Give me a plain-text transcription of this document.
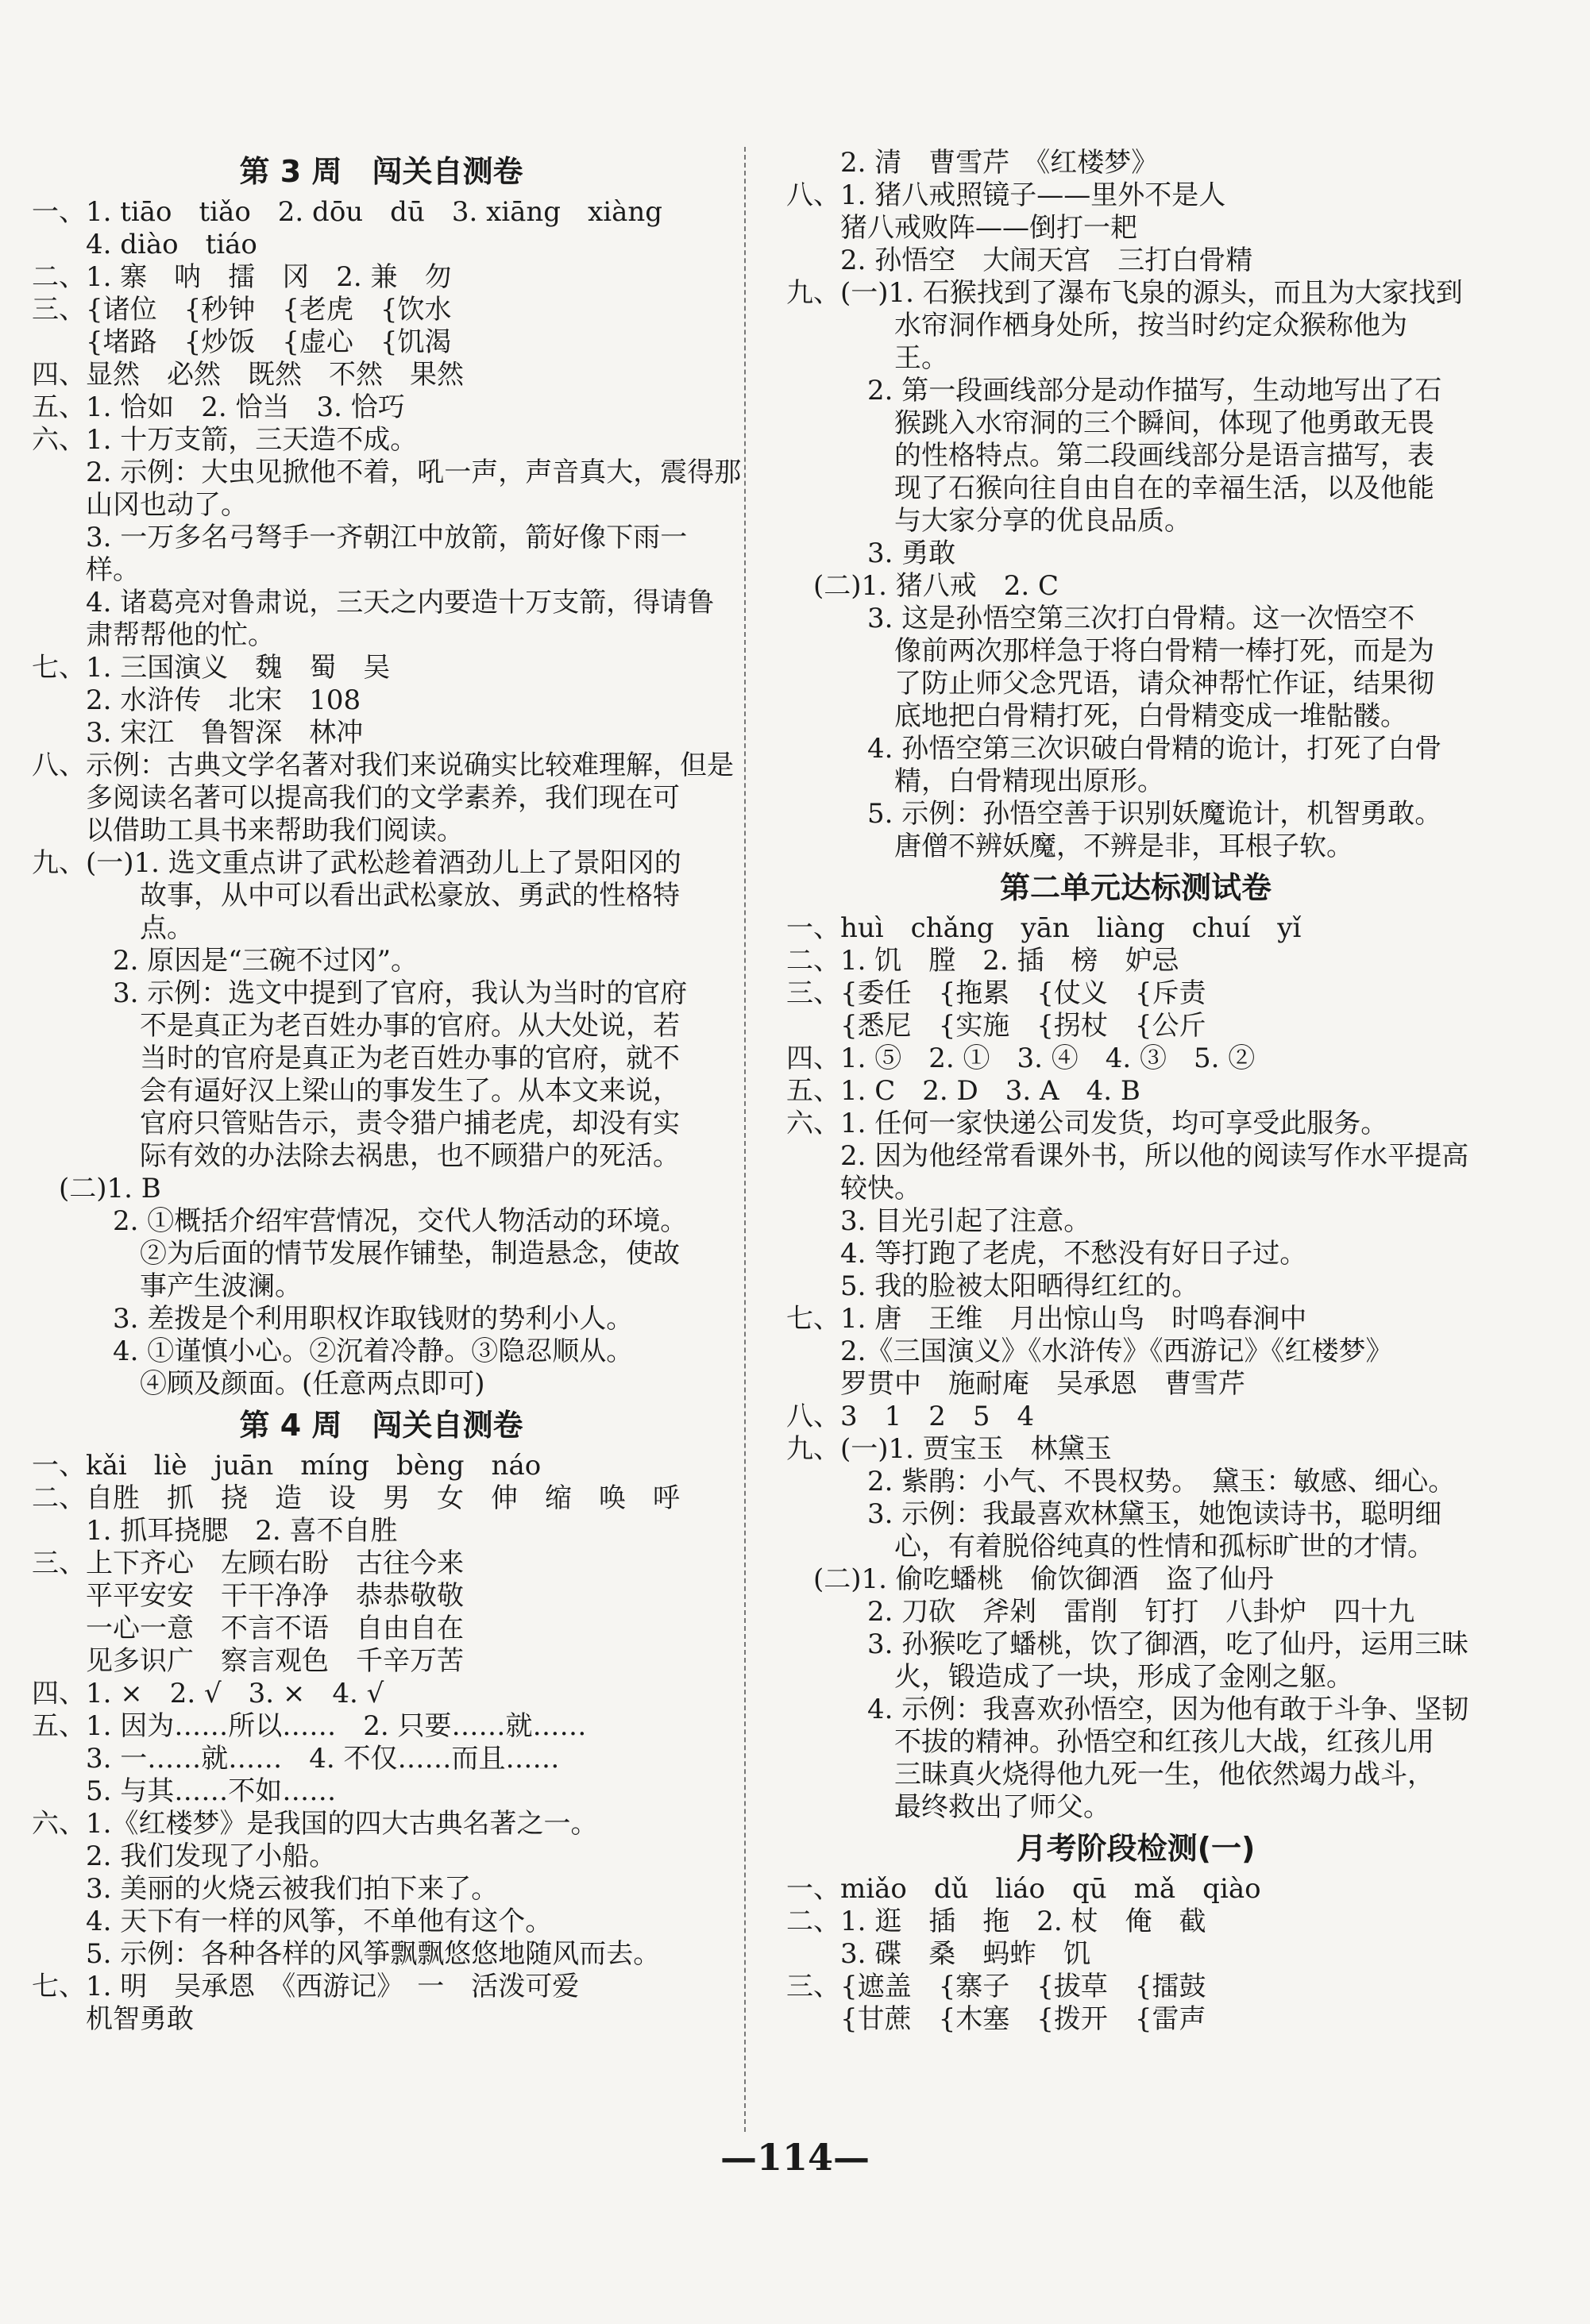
第 3 周　闯关自测卷
一、1. tiāo　tiǎo　2. dōu　dū　3. xiāng　xiàng
　　4. diào　tiáo
二、1. 寨　呐　擂　冈　2. 兼　勿
三、{诸位　{秒钟　{老虎　{饮水
　　{堵路　{炒饭　{虚心　{饥渴
四、显然　必然　既然　不然　果然
五、1. 恰如　2. 恰当　3. 恰巧
六、1. 十万支箭，三天造不成。
　　2. 示例：大虫见掀他不着，吼一声，声音真大，震得那
　　山冈也动了。
　　3. 一万多名弓弩手一齐朝江中放箭，箭好像下雨一
　　样。
　　4. 诸葛亮对鲁肃说，三天之内要造十万支箭，得请鲁
　　肃帮帮他的忙。
七、1. 三国演义　魏　蜀　吴
　　2. 水浒传　北宋　108
　　3. 宋江　鲁智深　林冲
八、示例：古典文学名著对我们来说确实比较难理解，但是
　　多阅读名著可以提高我们的文学素养，我们现在可
　　以借助工具书来帮助我们阅读。
九、(一)1. 选文重点讲了武松趁着酒劲儿上了景阳冈的
　　　　故事，从中可以看出武松豪放、勇武的性格特
　　　　点。
　　　2. 原因是“三碗不过冈”。
　　　3. 示例：选文中提到了官府，我认为当时的官府
　　　　不是真正为老百姓办事的官府。从大处说，若
　　　　当时的官府是真正为老百姓办事的官府，就不
　　　　会有逼好汉上梁山的事发生了。从本文来说，
　　　　官府只管贴告示，责令猎户捕老虎，却没有实
　　　　际有效的办法除去祸患，也不顾猎户的死活。
　(二)1. B
　　　2. ①概括介绍牢营情况，交代人物活动的环境。
　　　　②为后面的情节发展作铺垫，制造悬念，使故
　　　　事产生波澜。
　　　3. 差拨是个利用职权诈取钱财的势利小人。
　　　4. ①谨慎小心。②沉着冷静。③隐忍顺从。
　　　　④顾及颜面。(任意两点即可)
第 4 周　闯关自测卷
一、kǎi　liè　juān　míng　bèng　náo
二、自胜　抓　挠　造　设　男　女　伸　缩　唤　呼
　　1. 抓耳挠腮　2. 喜不自胜
三、上下齐心　左顾右盼　古往今来
　　平平安安　干干净净　恭恭敬敬
　　一心一意　不言不语　自由自在
　　见多识广　察言观色　千辛万苦
四、1. ×　2. √　3. ×　4. √
五、1. 因为……所以……　2. 只要……就……
　　3. 一……就……　4. 不仅……而且……
　　5. 与其……不如……
六、1.《红楼梦》是我国的四大古典名著之一。
　　2. 我们发现了小船。
　　3. 美丽的火烧云被我们拍下来了。
　　4. 天下有一样的风筝，不单他有这个。
　　5. 示例：各种各样的风筝飘飘悠悠地随风而去。
七、1. 明　吴承恩　《西游记》　一　活泼可爱
　　机智勇敢
　　2. 清　曹雪芹　《红楼梦》
八、1. 猪八戒照镜子——里外不是人
　　猪八戒败阵——倒打一耙
　　2. 孙悟空　大闹天宫　三打白骨精
九、(一)1. 石猴找到了瀑布飞泉的源头，而且为大家找到
　　　　水帘洞作栖身处所，按当时约定众猴称他为
　　　　王。
　　　2. 第一段画线部分是动作描写，生动地写出了石
　　　　猴跳入水帘洞的三个瞬间，体现了他勇敢无畏
　　　　的性格特点。第二段画线部分是语言描写，表
　　　　现了石猴向往自由自在的幸福生活，以及他能
　　　　与大家分享的优良品质。
　　　3. 勇敢
　(二)1. 猪八戒　2. C
　　　3. 这是孙悟空第三次打白骨精。这一次悟空不
　　　　像前两次那样急于将白骨精一棒打死，而是为
　　　　了防止师父念咒语，请众神帮忙作证，结果彻
　　　　底地把白骨精打死，白骨精变成一堆骷髅。
　　　4. 孙悟空第三次识破白骨精的诡计，打死了白骨
　　　　精，白骨精现出原形。
　　　5. 示例：孙悟空善于识别妖魔诡计，机智勇敢。
　　　　唐僧不辨妖魔，不辨是非，耳根子软。
第二单元达标测试卷
一、huì　chǎng　yān　liàng　chuí　yǐ
二、1. 饥　膛　2. 插　榜　妒忌
三、{委任　{拖累　{仗义　{斥责
　　{悉尼　{实施　{拐杖　{公斤
四、1. ⑤　2. ①　3. ④　4. ③　5. ②
五、1. C　2. D　3. A　4. B
六、1. 任何一家快递公司发货，均可享受此服务。
　　2. 因为他经常看课外书，所以他的阅读写作水平提高
　　较快。
　　3. 目光引起了注意。
　　4. 等打跑了老虎，不愁没有好日子过。
　　5. 我的脸被太阳晒得红红的。
七、1. 唐　王维　月出惊山鸟　时鸣春涧中
　　2.《三国演义》《水浒传》《西游记》《红楼梦》
　　罗贯中　施耐庵　吴承恩　曹雪芹
八、3　1　2　5　4
九、(一)1. 贾宝玉　林黛玉
　　　2. 紫鹃：小气、不畏权势。　黛玉：敏感、细心。
　　　3. 示例：我最喜欢林黛玉，她饱读诗书，聪明细
　　　　心，有着脱俗纯真的性情和孤标旷世的才情。
　(二)1. 偷吃蟠桃　偷饮御酒　盗了仙丹
　　　2. 刀砍　斧剁　雷削　钉打　八卦炉　四十九
　　　3. 孙猴吃了蟠桃，饮了御酒，吃了仙丹，运用三昧
　　　　火，锻造成了一块，形成了金刚之躯。
　　　4. 示例：我喜欢孙悟空，因为他有敢于斗争、坚韧
　　　　不拔的精神。孙悟空和红孩儿大战，红孩儿用
　　　　三昧真火烧得他九死一生，他依然竭力战斗，
　　　　最终救出了师父。
月考阶段检测(一)
一、miǎo　dǔ　liáo　qū　mǎ　qiào
二、1. 逛　插　拖　2. 杖　俺　截
　　3. 碟　桑　蚂蚱　饥
三、{遮盖　{寨子　{拔草　{擂鼓
　　{甘蔗　{木塞　{拨开　{雷声
—114—
